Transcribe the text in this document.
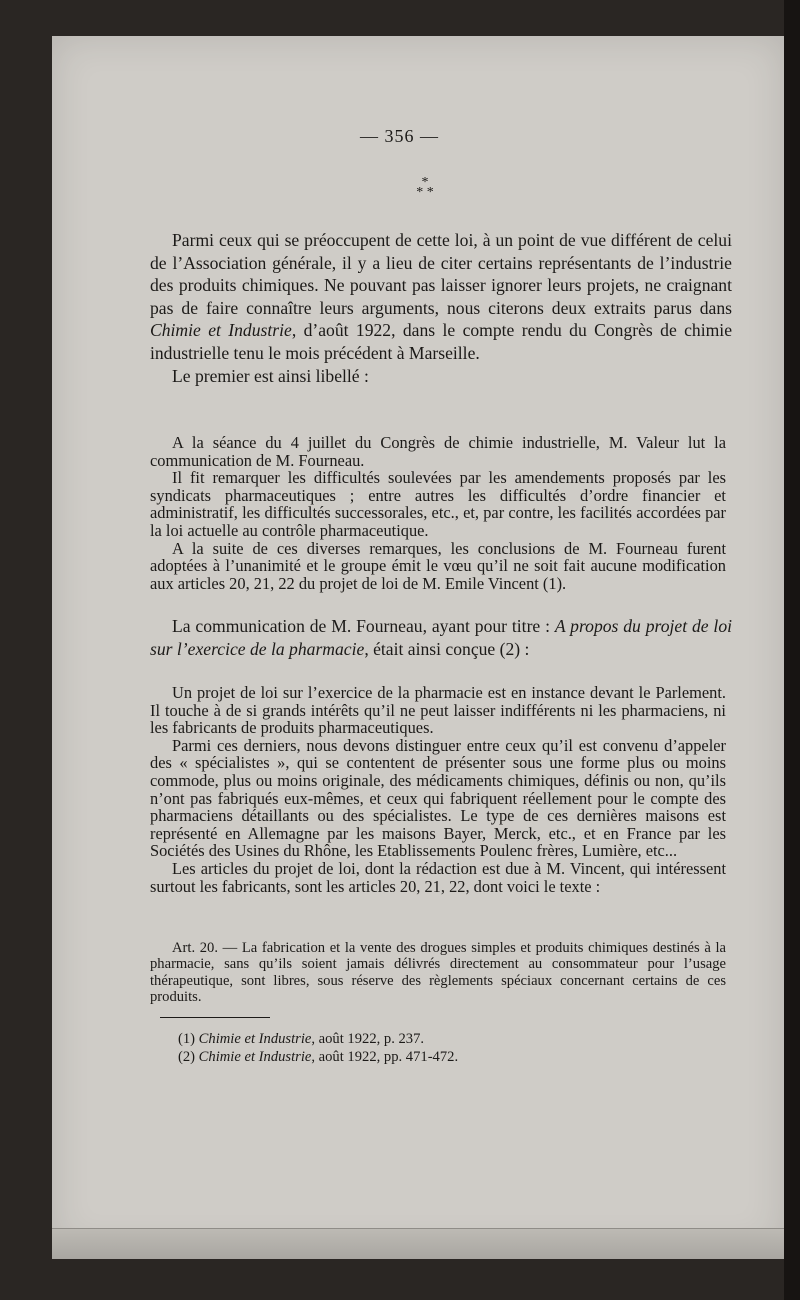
— 356 —
*
* *

Parmi ceux qui se préoccupent de cette loi, à un point de vue différent de celui de l’Association générale, il y a lieu de citer certains représentants de l’industrie des produits chimiques. Ne pouvant pas laisser ignorer leurs projets, ne craignant pas de faire connaître leurs arguments, nous citerons deux extraits parus dans Chimie et Industrie, d’août 1922, dans le compte rendu du Congrès de chimie industrielle tenu le mois précédent à Marseille.

Le premier est ainsi libellé :

A la séance du 4 juillet du Congrès de chimie industrielle, M. Valeur lut la communication de M. Fourneau.

Il fit remarquer les difficultés soulevées par les amendements proposés par les syndicats pharmaceutiques ; entre autres les difficultés d’ordre financier et administratif, les difficultés successorales, etc., et, par contre, les facilités accordées par la loi actuelle au contrôle pharmaceutique.

A la suite de ces diverses remarques, les conclusions de M. Fourneau furent adoptées à l’unanimité et le groupe émit le vœu qu’il ne soit fait aucune modification aux articles 20, 21, 22 du projet de loi de M. Emile Vincent (1).

La communication de M. Fourneau, ayant pour titre : A propos du projet de loi sur l’exercice de la pharmacie, était ainsi conçue (2) :

Un projet de loi sur l’exercice de la pharmacie est en instance devant le Parlement. Il touche à de si grands intérêts qu’il ne peut laisser indifférents ni les pharmaciens, ni les fabricants de produits pharmaceutiques.

Parmi ces derniers, nous devons distinguer entre ceux qu’il est convenu d’appeler des « spécialistes », qui se contentent de présenter sous une forme plus ou moins commode, plus ou moins originale, des médicaments chimiques, définis ou non, qu’ils n’ont pas fabriqués eux-mêmes, et ceux qui fabriquent réellement pour le compte des pharmaciens détaillants ou des spécialistes. Le type de ces dernières maisons est représenté en Allemagne par les maisons Bayer, Merck, etc., et en France par les Sociétés des Usines du Rhône, les Etablissements Poulenc frères, Lumière, etc...

Les articles du projet de loi, dont la rédaction est due à M. Vincent, qui intéressent surtout les fabricants, sont les articles 20, 21, 22, dont voici le texte :

Art. 20. — La fabrication et la vente des drogues simples et produits chimiques destinés à la pharmacie, sans qu’ils soient jamais délivrés directement au consommateur pour l’usage thérapeutique, sont libres, sous réserve des règlements spéciaux concernant certains de ces produits.

(1) Chimie et Industrie, août 1922, p. 237.
(2) Chimie et Industrie, août 1922, pp. 471-472.
